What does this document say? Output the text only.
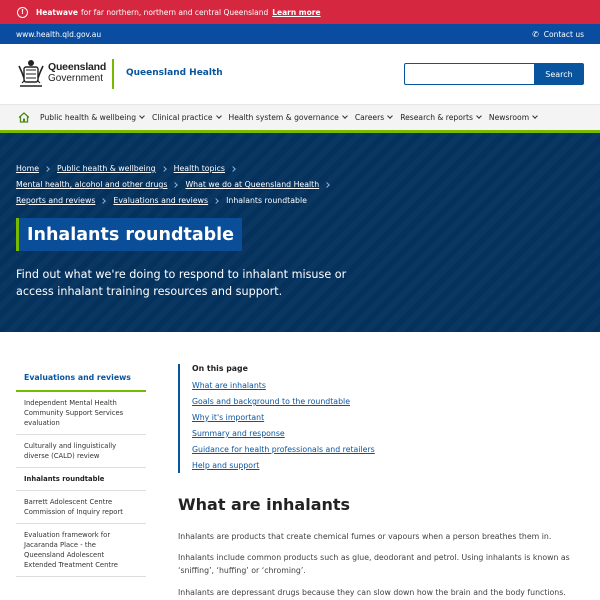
!	Heatwave for far northern, northern and central Queensland Learn more
www.health.qld.gov.au	✆ Contact us
Queensland
Government	Queensland Health	Search
Public health & wellbeing Clinical practice Health system & governance Careers Research & reports Newsroom
Home Public health & wellbeing Health topics
Mental health, alcohol and other drugs What we do at Queensland Health
Reports and reviews Evaluations and reviews Inhalants roundtable
Inhalants roundtable

Find out what we're doing to respond to inhalant misuse or access inhalant training resources and support.

Evaluations and reviews
Independent Mental Health Community Support Services evaluation
Culturally and linguistically diverse (CALD) review
Inhalants roundtable
Barrett Adolescent Centre Commission of Inquiry report
Evaluation framework for Jacaranda Place - the Queensland Adolescent Extended Treatment Centre
On this page
What are inhalants
Goals and background to the roundtable
Why it's important
Summary and response
Guidance for health professionals and retailers
Help and support
What are inhalants

Inhalants are products that create chemical fumes or vapours when a person breathes them in.

Inhalants include common products such as glue, deodorant and petrol. Using inhalants is known as ‘sniffing’, ‘huffing’ or ‘chroming’.

Inhalants are depressant drugs because they can slow down how the brain and the body functions.
